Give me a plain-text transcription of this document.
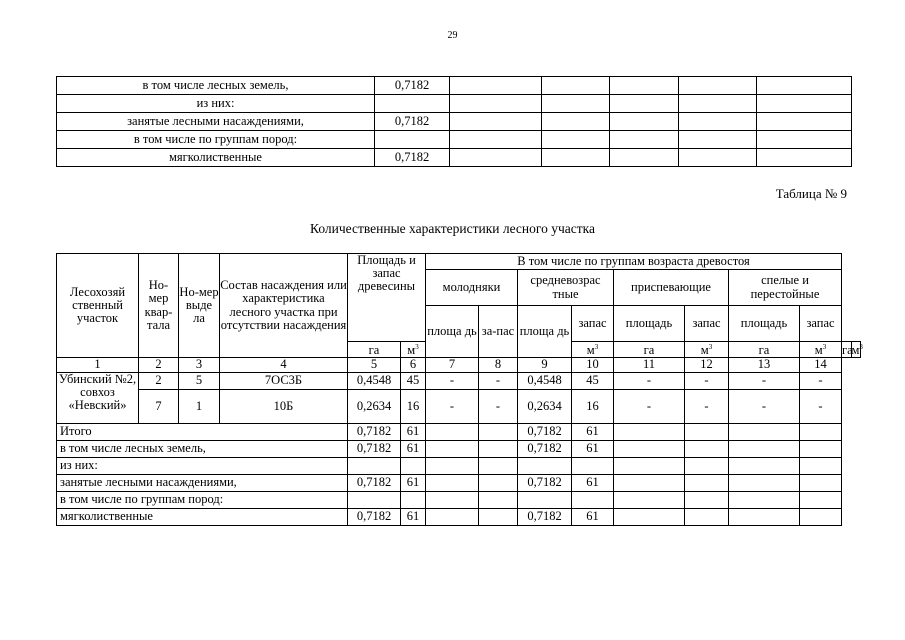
29
в том числе лесных земель,	0,7182					
из них:						
занятые лесными насаждениями,	0,7182					
в том числе по группам пород:						
мягколиственные	0,7182					
Таблица № 9
Количественные характеристики лесного участка
Лесохозяй ственный участок	Но-мер квар-тала	Но-мер выде ла	Состав насаждения или характеристика лесного участка при отсутствии насаждения	Площадь и запас древесины		В том числе по группам возраста древостоя									
						молодняки		средневозрас тные		приспевающие		спелые и перестойные			
						площа дь	за-пас	площа дь	запас	площадь	запас	площадь	запас		
				га	$м^3$				$м^3$	га	$м^3$	га	$м^3$	га	$м^3$
1	2	3	4	5	6	7	8	9	10	11	12	13	14		
Убинский №2, совхоз «Невский»	2	5	7ОС3Б	0,4548	45	-	-	0,4548	45	-	-	-	-		
	7	1	10Б	0,2634	16	-	-	0,2634	16	-	-	-	-		
Итого				0,7182	61			0,7182	61						
в том числе лесных земель,				0,7182	61			0,7182	61						
из них:															
занятые лесными насаждениями,				0,7182	61			0,7182	61						
в том числе по группам пород:															
мягколиственные				0,7182	61			0,7182	61						
